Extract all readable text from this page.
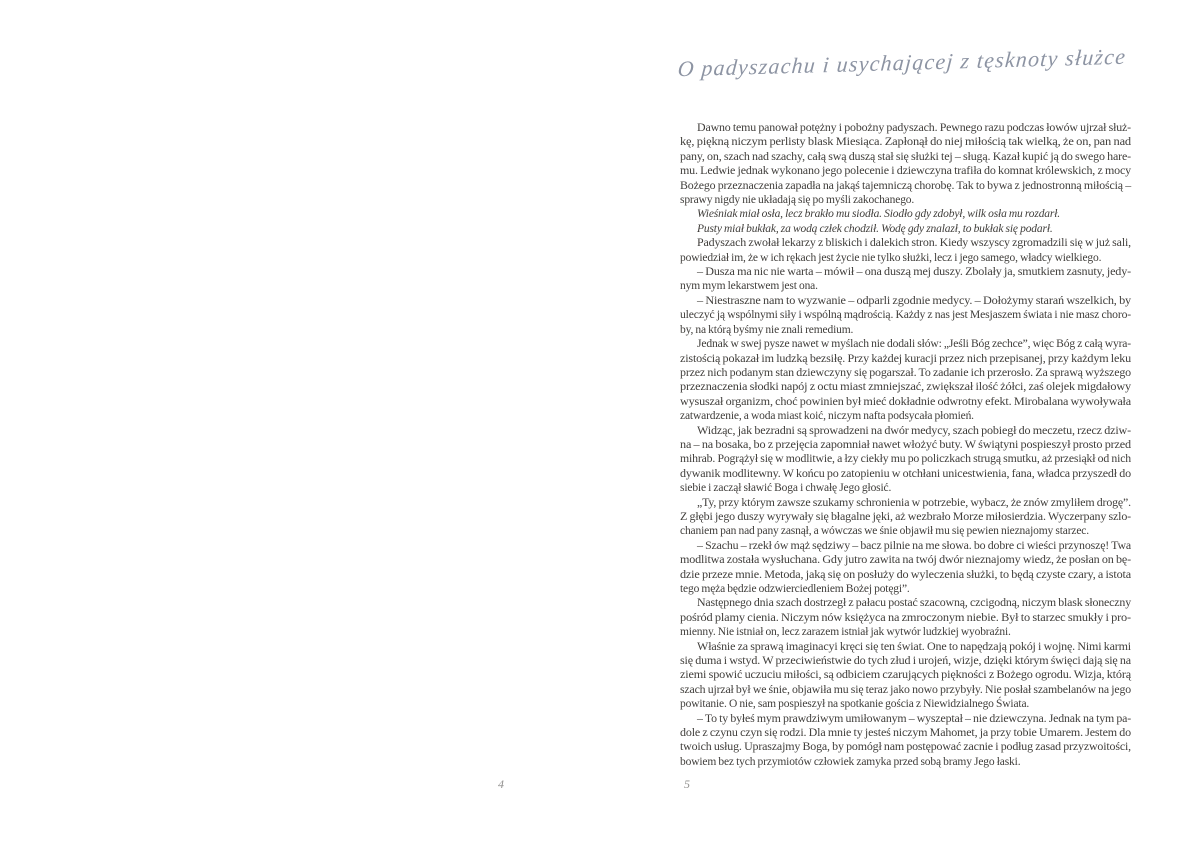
4
O padyszachu i usychającej z tęsknoty służce
Dawno temu panował potężny i pobożny padyszach. Pewnego razu podczas łowów ujrzał służ-
kę, piękną niczym perlisty blask Miesiąca. Zapłonął do niej miłością tak wielką, że on, pan nad
pany, on, szach nad szachy, całą swą duszą stał się służki tej – sługą. Kazał kupić ją do swego hare-
mu. Ledwie jednak wykonano jego polecenie i dziewczyna trafiła do komnat królewskich, z mocy
Bożego przeznaczenia zapadła na jakąś tajemniczą chorobę. Tak to bywa z jednostronną miłością –
sprawy nigdy nie układają się po myśli zakochanego.
Wieśniak miał osła, lecz brakło mu siodła. Siodło gdy zdobył, wilk osła mu rozdarł.
Pusty miał bukłak, za wodą człek chodził. Wodę gdy znalazł, to bukłak się podarł.
Padyszach zwołał lekarzy z bliskich i dalekich stron. Kiedy wszyscy zgromadzili się w już sali,
powiedział im, że w ich rękach jest życie nie tylko służki, lecz i jego samego, władcy wielkiego.
– Dusza ma nic nie warta – mówił – ona duszą mej duszy. Zbolały ja, smutkiem zasnuty, jedy-
nym mym lekarstwem jest ona.
– Niestraszne nam to wyzwanie – odparli zgodnie medycy. – Dołożymy starań wszelkich, by
uleczyć ją wspólnymi siły i wspólną mądrością. Każdy z nas jest Mesjaszem świata i nie masz choro-
by, na którą byśmy nie znali remedium.
Jednak w swej pysze nawet w myślach nie dodali słów: „Jeśli Bóg zechce”, więc Bóg z całą wyra-
zistością pokazał im ludzką bezsiłę. Przy każdej kuracji przez nich przepisanej, przy każdym leku
przez nich podanym stan dziewczyny się pogarszał. To zadanie ich przerosło. Za sprawą wyższego
przeznaczenia słodki napój z octu miast zmniejszać, zwiększał ilość żółci, zaś olejek migdałowy
wysuszał organizm, choć powinien był mieć dokładnie odwrotny efekt. Mirobalana wywoływała
zatwardzenie, a woda miast koić, niczym nafta podsycała płomień.
Widząc, jak bezradni są sprowadzeni na dwór medycy, szach pobiegł do meczetu, rzecz dziw-
na – na bosaka, bo z przejęcia zapomniał nawet włożyć buty. W świątyni pospieszył prosto przed
mihrab. Pogrążył się w modlitwie, a łzy ciekły mu po policzkach strugą smutku, aż przesiąkł od nich
dywanik modlitewny. W końcu po zatopieniu w otchłani unicestwienia, fana, władca przyszedł do
siebie i zaczął sławić Boga i chwałę Jego głosić.
„Ty, przy którym zawsze szukamy schronienia w potrzebie, wybacz, że znów zmyliłem drogę”.
Z głębi jego duszy wyrywały się błagalne jęki, aż wezbrało Morze miłosierdzia. Wyczerpany szlo-
chaniem pan nad pany zasnął, a wówczas we śnie objawił mu się pewien nieznajomy starzec.
– Szachu – rzekł ów mąż sędziwy – bacz pilnie na me słowa. bo dobre ci wieści przynoszę! Twa
modlitwa została wysłuchana. Gdy jutro zawita na twój dwór nieznajomy wiedz, że posłan on bę-
dzie przeze mnie. Metoda, jaką się on posłuży do wyleczenia służki, to będą czyste czary, a istota
tego męża będzie odzwierciedleniem Bożej potęgi”.
Następnego dnia szach dostrzegł z pałacu postać szacowną, czcigodną, niczym blask słoneczny
pośród plamy cienia. Niczym nów księżyca na zmroczonym niebie. Był to starzec smukły i pro-
mienny. Nie istniał on, lecz zarazem istniał jak wytwór ludzkiej wyobraźni.
Właśnie za sprawą imaginacyi kręci się ten świat. One to napędzają pokój i wojnę. Nimi karmi
się duma i wstyd. W przeciwieństwie do tych złud i urojeń, wizje, dzięki którym święci dają się na
ziemi spowić uczuciu miłości, są odbiciem czarujących piękności z Bożego ogrodu. Wizja, którą
szach ujrzał był we śnie, objawiła mu się teraz jako nowo przybyły. Nie posłał szambelanów na jego
powitanie. O nie, sam pospieszył na spotkanie gościa z Niewidzialnego Świata.
– To ty byłeś mym prawdziwym umiłowanym – wyszeptał – nie dziewczyna. Jednak na tym pa-
dole z czynu czyn się rodzi. Dla mnie ty jesteś niczym Mahomet, ja przy tobie Umarem. Jestem do
twoich usług. Upraszajmy Boga, by pomógł nam postępować zacnie i podług zasad przyzwoitości,
bowiem bez tych przymiotów człowiek zamyka przed sobą bramy Jego łaski.
5
